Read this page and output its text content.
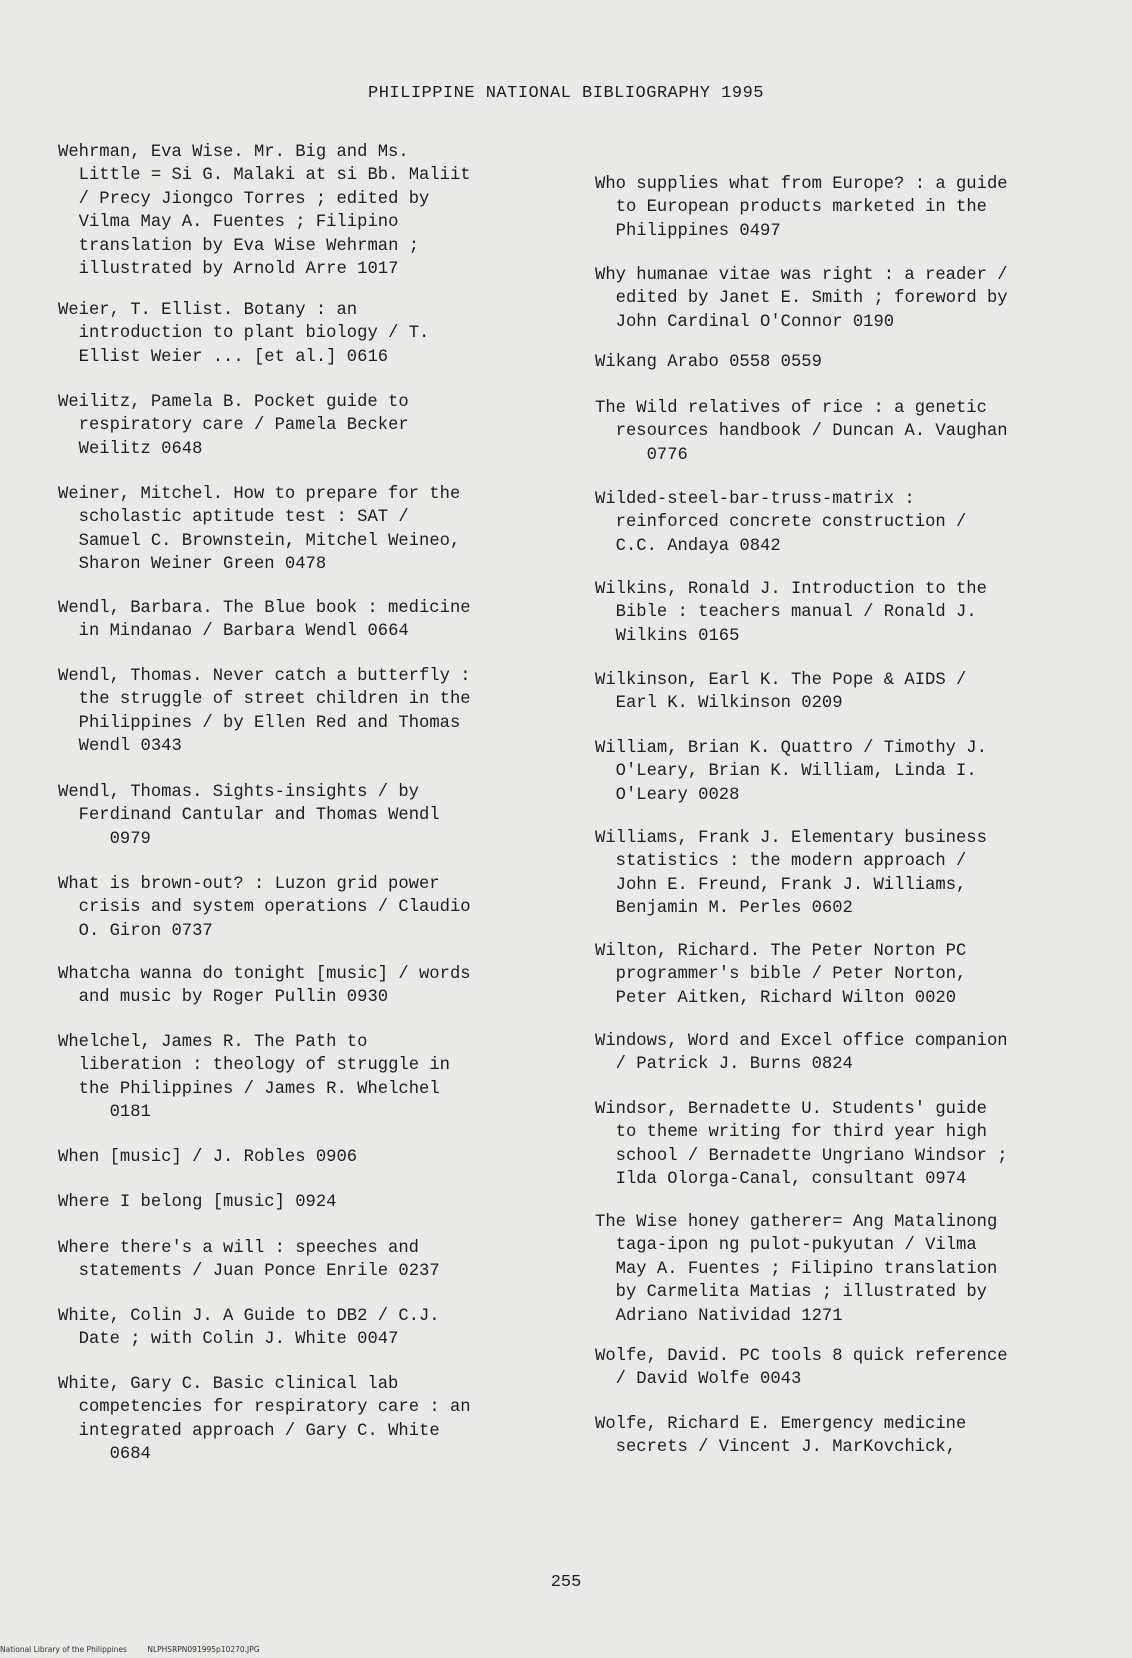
PHILIPPINE NATIONAL BIBLIOGRAPHY 1995

Wehrman, Eva Wise. Mr. Big and Ms.
Little = Si G. Malaki at si Bb. Maliit
/ Precy Jiongco Torres ; edited by
Vilma May A. Fuentes ; Filipino
translation by Eva Wise Wehrman ;
illustrated by Arnold Arre 1017

Weier, T. Ellist. Botany : an
introduction to plant biology / T.
Ellist Weier ... [et al.] 0616

Weilitz, Pamela B. Pocket guide to
respiratory care / Pamela Becker
Weilitz 0648

Weiner, Mitchel. How to prepare for the
scholastic aptitude test : SAT /
Samuel C. Brownstein, Mitchel Weineo,
Sharon Weiner Green 0478

Wendl, Barbara. The Blue book : medicine
in Mindanao / Barbara Wendl 0664

Wendl, Thomas. Never catch a butterfly :
the struggle of street children in the
Philippines / by Ellen Red and Thomas
Wendl 0343

Wendl, Thomas. Sights-insights / by
Ferdinand Cantular and Thomas Wendl
0979

What is brown-out? : Luzon grid power
crisis and system operations / Claudio
O. Giron 0737

Whatcha wanna do tonight [music] / words
and music by Roger Pullin 0930

Whelchel, James R. The Path to
liberation : theology of struggle in
the Philippines / James R. Whelchel
0181

When [music] / J. Robles 0906

Where I belong [music] 0924

Where there's a will : speeches and
statements / Juan Ponce Enrile 0237

White, Colin J. A Guide to DB2 / C.J.
Date ; with Colin J. White 0047

White, Gary C. Basic clinical lab
competencies for respiratory care : an
integrated approach / Gary C. White
0684

Who supplies what from Europe? : a guide
to European products marketed in the
Philippines 0497

Why humanae vitae was right : a reader /
edited by Janet E. Smith ; foreword by
John Cardinal O'Connor 0190

Wikang Arabo 0558 0559

The Wild relatives of rice : a genetic
resources handbook / Duncan A. Vaughan
0776

Wilded-steel-bar-truss-matrix :
reinforced concrete construction /
C.C. Andaya 0842

Wilkins, Ronald J. Introduction to the
Bible : teachers manual / Ronald J.
Wilkins 0165

Wilkinson, Earl K. The Pope & AIDS /
Earl K. Wilkinson 0209

William, Brian K. Quattro / Timothy J.
O'Leary, Brian K. William, Linda I.
O'Leary 0028

Williams, Frank J. Elementary business
statistics : the modern approach /
John E. Freund, Frank J. Williams,
Benjamin M. Perles 0602

Wilton, Richard. The Peter Norton PC
programmer's bible / Peter Norton,
Peter Aitken, Richard Wilton 0020

Windows, Word and Excel office companion
/ Patrick J. Burns 0824

Windsor, Bernadette U. Students' guide
to theme writing for third year high
school / Bernadette Ungriano Windsor ;
Ilda Olorga-Canal, consultant 0974

The Wise honey gatherer= Ang Matalinong
taga-ipon ng pulot-pukyutan / Vilma
May A. Fuentes ; Filipino translation
by Carmelita Matias ; illustrated by
Adriano Natividad 1271

Wolfe, David. PC tools 8 quick reference
/ David Wolfe 0043

Wolfe, Richard E. Emergency medicine
secrets / Vincent J. MarKovchick,

255
National Library of the Philippines	NLPHSRPN091995p10270.JPG
